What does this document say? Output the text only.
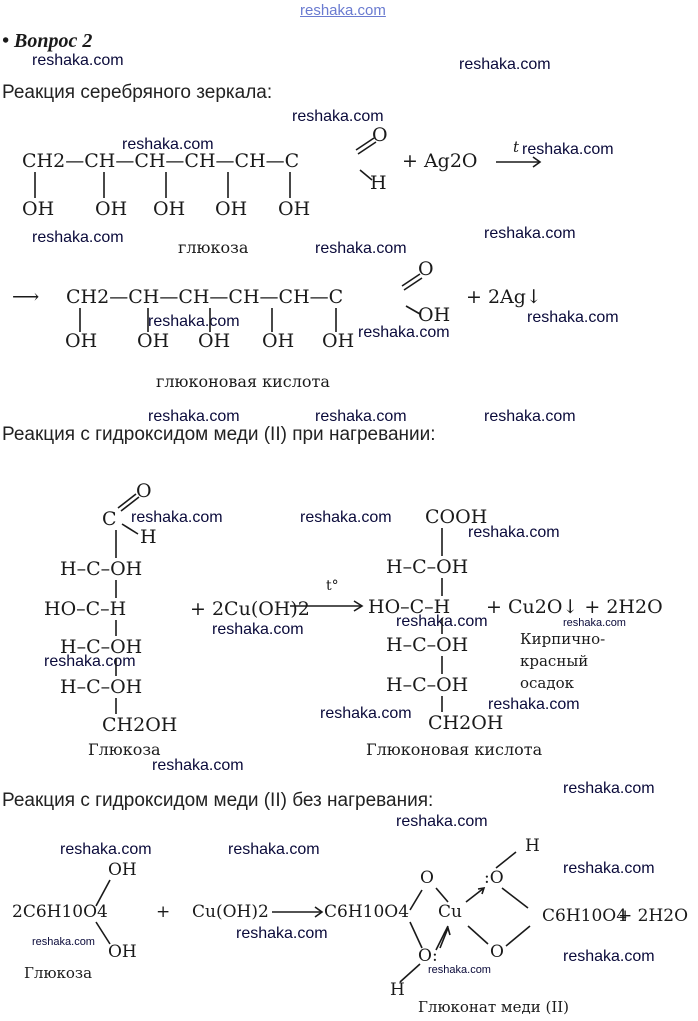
reshaka.com
• Вопрос 2
reshaka.com	reshaka.com
reshaka.com
reshaka.com	reshaka.com
reshaka.com	reshaka.com
reshaka.com
reshaka.com	reshaka.com
reshaka.com
reshaka.com	reshaka.com	reshaka.com
reshaka.com	reshaka.com
reshaka.com
reshaka.com	reshaka.com	reshaka.com
reshaka.com
reshaka.com
reshaka.com
reshaka.com
reshaka.com
reshaka.com
reshaka.com	reshaka.com
reshaka.com
reshaka.com
reshaka.com
reshaka.com
reshaka.com
Реакция серебряного зеркала:
CH2—CH—CH—CH—CH—C
O
H
+ Ag2O
t
OH OH OH OH OH
глюкоза
⟶ CH2—CH—CH—CH—CH—C
O
OH
+ 2Ag↓
OH OH OH OH OH
глюконовая кислота
Реакция с гидроксидом меди (II) при нагревании:
O
C
H
H–C–OH
HO–C–H
H–C–OH
H–C–OH
CH2OH
Глюкоза
+ 2Cu(OH)2
t°
COOH
H–C–OH
HO–C–H
H–C–OH
H–C–OH
CH2OH
Глюконовая кислота
+ Cu2O↓ + 2H2O
Кирпично-
красный
осадок
Реакция с гидроксидом меди (II) без нагревания:
OH
2C6H10O4
OH
Глюкоза
+ Cu(OH)2	C6H10O4
O
Cu
O:
H
H
:O
O
C6H10O4
+ 2H2O
Глюконат меди (II)
